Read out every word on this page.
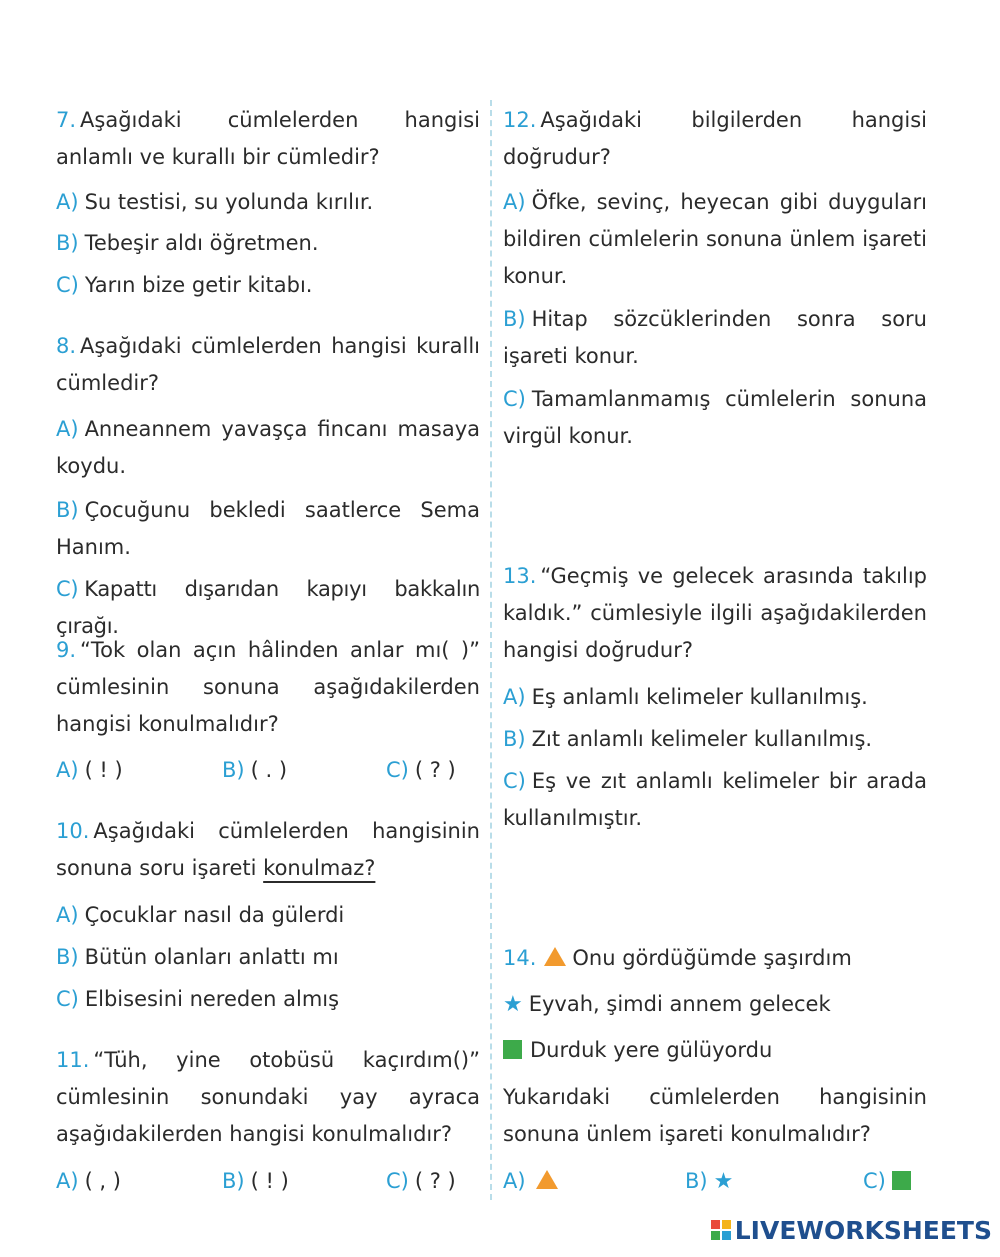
7. Aşağıdaki cümlelerden hangisi anlamlı ve kurallı bir cümledir?
A) Su testisi, su yolunda kırılır.
B) Tebeşir aldı öğretmen.
C) Yarın bize getir kitabı.
8. Aşağıdaki cümlelerden hangisi kurallı cümledir?
A) Anneannem yavaşça fincanı masaya koydu.
B) Çocuğunu bekledi saatlerce Sema Hanım.
C) Kapattı dışarıdan kapıyı bakkalın çırağı.
9. “Tok olan açın hâlinden anlar mı( )” cümlesinin sonuna aşağıdakilerden hangisi konulmalıdır?
A) ( ! )	B) ( . )	C) ( ? )
10. Aşağıdaki cümlelerden hangisinin sonuna soru işareti konulmaz?
A) Çocuklar nasıl da gülerdi
B) Bütün olanları anlattı mı
C) Elbisesini nereden almış
11. “Tüh, yine otobüsü kaçırdım()” cümlesinin sonundaki yay ayraca aşağıdakilerden hangisi konulmalıdır?
A) ( , )	B) ( ! )	C) ( ? )
12. Aşağıdaki bilgilerden hangisi doğrudur?
A) Öfke, sevinç, heyecan gibi duyguları bildiren cümlelerin sonuna ünlem işareti konur.
B) Hitap sözcüklerinden sonra soru işareti konur.
C) Tamamlanmamış cümlelerin sonuna virgül konur.
13. “Geçmiş ve gelecek arasında takılıp kaldık.” cümlesiyle ilgili aşağıdakilerden hangisi doğrudur?
A) Eş anlamlı kelimeler kullanılmış.
B) Zıt anlamlı kelimeler kullanılmış.
C) Eş ve zıt anlamlı kelimeler bir arada kullanılmıştır.
14. Onu gördüğümde şaşırdım
★ Eyvah, şimdi annem gelecek
Durduk yere gülüyordu
Yukarıdaki cümlelerden hangisinin sonuna ünlem işareti konulmalıdır?
A)	B) ★	C)
LIVEWORKSHEETS
